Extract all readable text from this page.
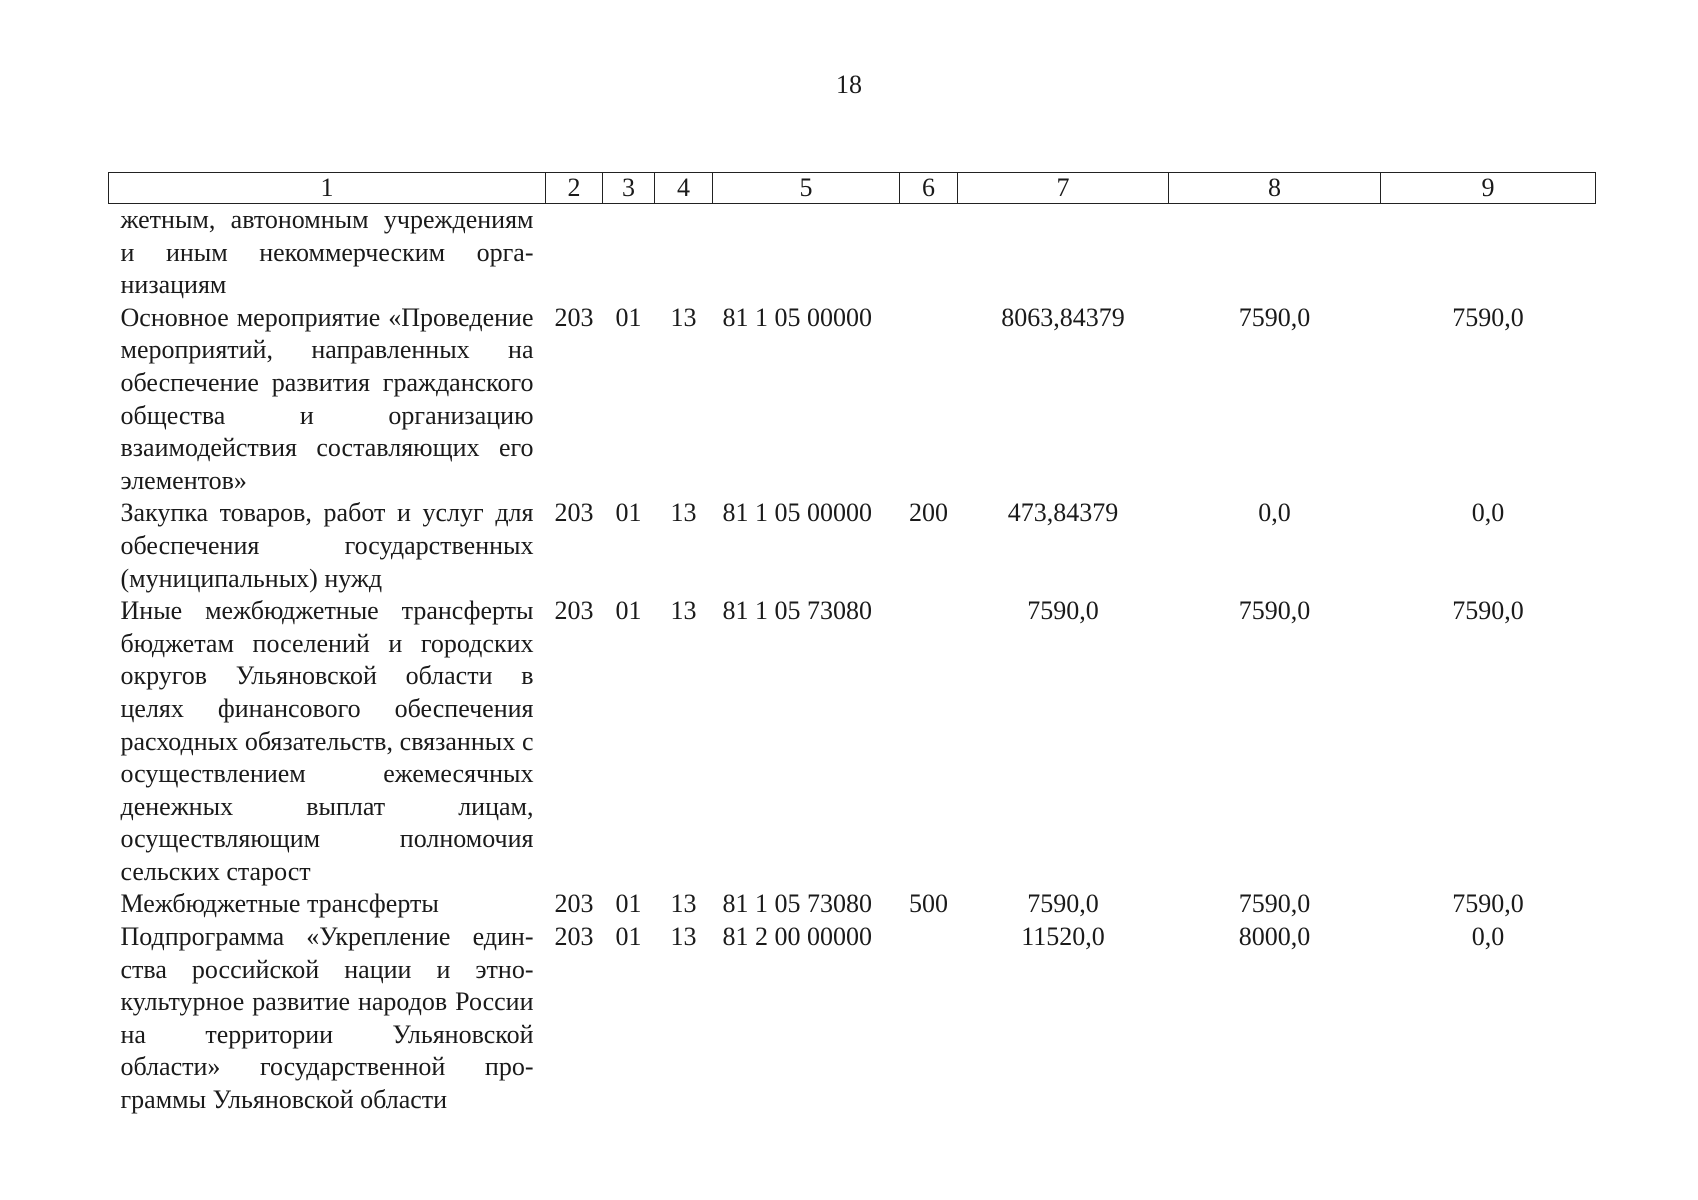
18
1	2	3	4	5	6	7	8	9
жетным, автономным учреждениям и иным некоммерческим организациям								
Основное мероприятие «Проведение мероприятий, направленных на обеспечение развития гражданского общества и организацию взаимодействия составляющих его элементов»	203	01	13	81 1 05 00000		8063,84379	7590,0	7590,0
Закупка товаров, работ и услуг для обеспечения государственных (муниципальных) нужд	203	01	13	81 1 05 00000	200	473,84379	0,0	0,0
Иные межбюджетные трансферты бюджетам поселений и городских округов Ульяновской области в целях финансового обеспечения расходных обязательств, связанных с осуществлением ежемесячных денежных выплат лицам, осуществляющим полномочия сельских старост	203	01	13	81 1 05 73080		7590,0	7590,0	7590,0
Межбюджетные трансферты	203	01	13	81 1 05 73080	500	7590,0	7590,0	7590,0
Подпрограмма «Укрепление единства российской нации и этнокультурное развитие народов России на территории Ульяновской области» государственной программы Ульяновской области	203	01	13	81 2 00 00000		11520,0	8000,0	0,0
